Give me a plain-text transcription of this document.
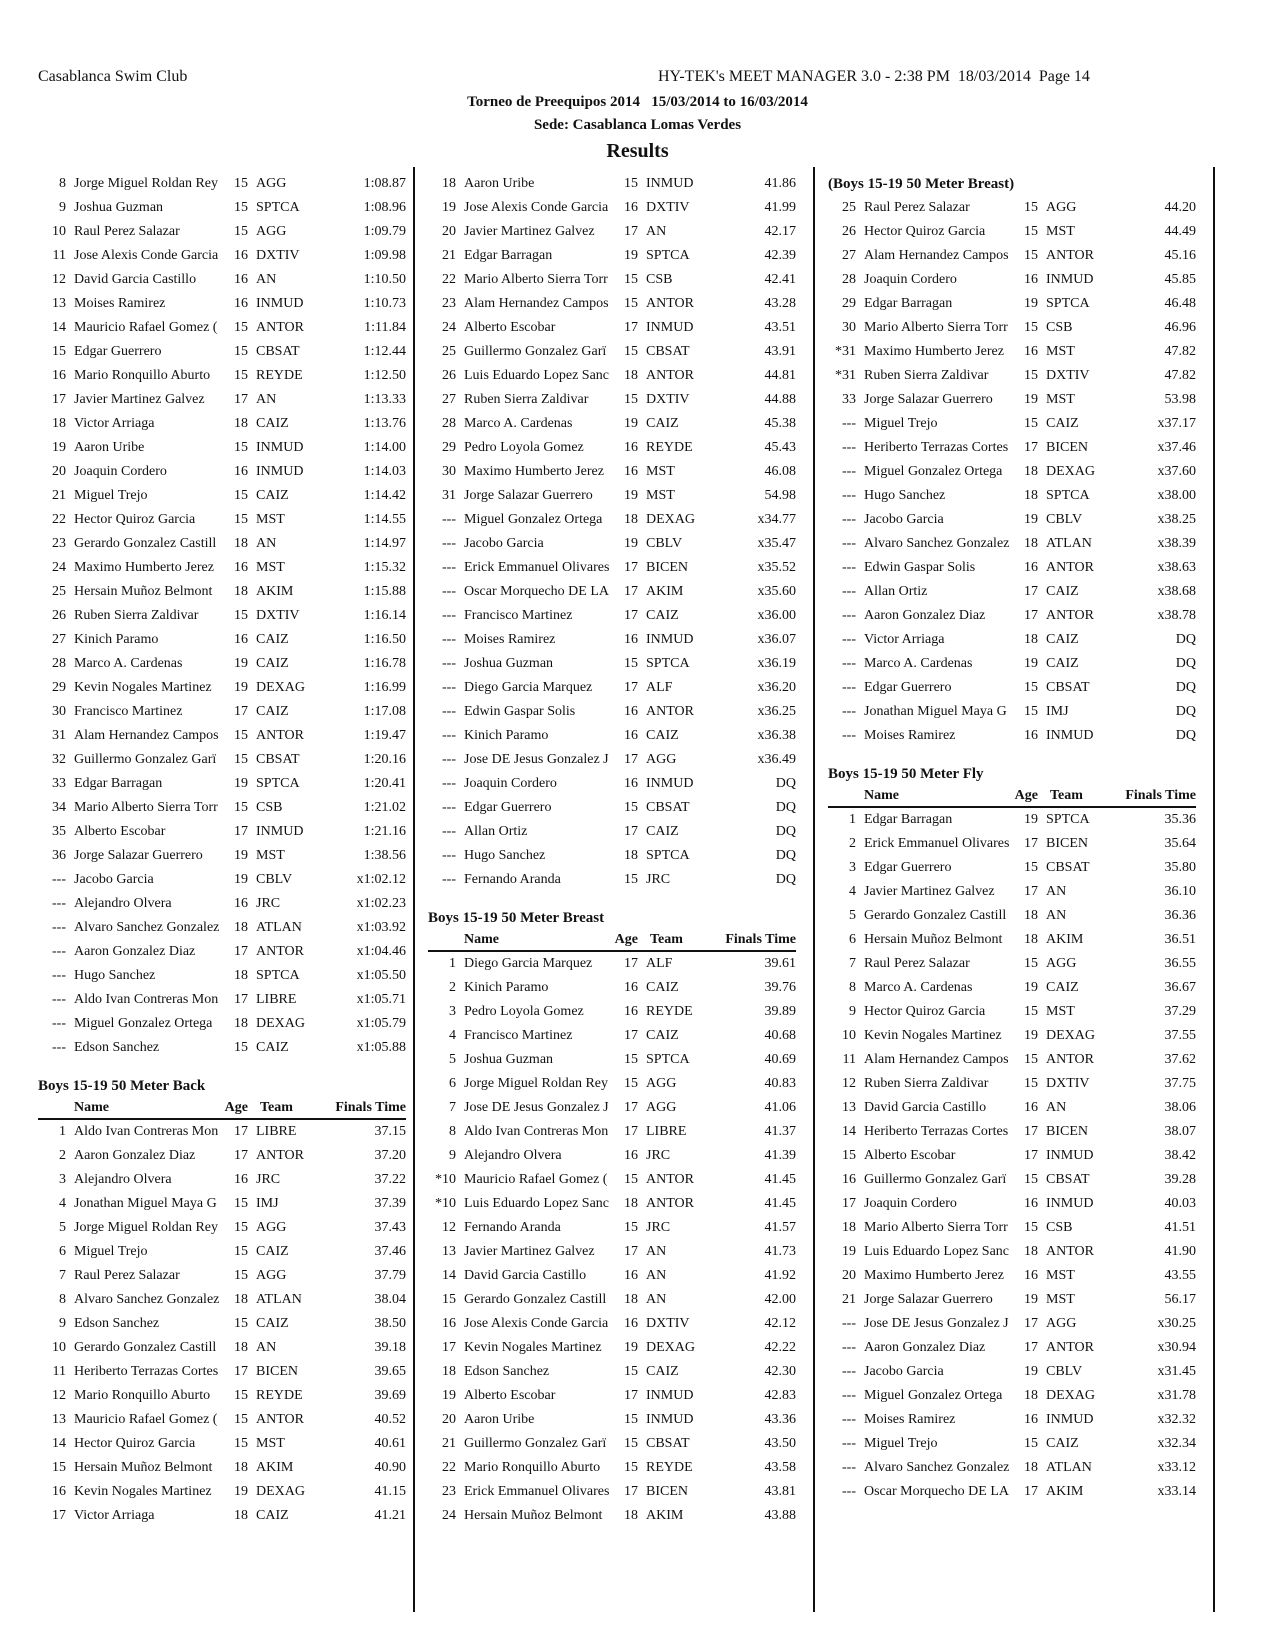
Casablanca Swim Club	HY-TEK's MEET MANAGER 3.0 - 2:38 PM  18/03/2014  Page 14
Torneo de Preequipos 2014   15/03/2014 to 16/03/2014
Sede: Casablanca Lomas Verdes
Results
8 Jorge Miguel Roldan Rey	15 AGG	1:08.87
9 Joshua Guzman	15 SPTCA	1:08.96
10 Raul Perez Salazar	15 AGG	1:09.79
11 Jose Alexis Conde Garcia	16 DXTIV	1:09.98
12 David Garcia Castillo	16 AN	1:10.50
13 Moises Ramirez	16 INMUD	1:10.73
14 Mauricio Rafael Gomez (	15 ANTOR	1:11.84
15 Edgar Guerrero	15 CBSAT	1:12.44
16 Mario Ronquillo Aburto	15 REYDE	1:12.50
17 Javier Martinez Galvez	17 AN	1:13.33
18 Victor Arriaga	18 CAIZ	1:13.76
19 Aaron Uribe	15 INMUD	1:14.00
20 Joaquin Cordero	16 INMUD	1:14.03
21 Miguel Trejo	15 CAIZ	1:14.42
22 Hector Quiroz Garcia	15 MST	1:14.55
23 Gerardo Gonzalez Castill	18 AN	1:14.97
24 Maximo Humberto Jerez	16 MST	1:15.32
25 Hersain Muñoz Belmont	18 AKIM	1:15.88
26 Ruben Sierra Zaldivar	15 DXTIV	1:16.14
27 Kinich Paramo	16 CAIZ	1:16.50
28 Marco A. Cardenas	19 CAIZ	1:16.78
29 Kevin Nogales Martinez	19 DEXAG	1:16.99
30 Francisco Martinez	17 CAIZ	1:17.08
31 Alam Hernandez Campos	15 ANTOR	1:19.47
32 Guillermo Gonzalez Garï	15 CBSAT	1:20.16
33 Edgar Barragan	19 SPTCA	1:20.41
34 Mario Alberto Sierra Torr	15 CSB	1:21.02
35 Alberto Escobar	17 INMUD	1:21.16
36 Jorge Salazar Guerrero	19 MST	1:38.56
--- Jacobo Garcia	19 CBLV	x1:02.12
--- Alejandro Olvera	16 JRC	x1:02.23
--- Alvaro Sanchez Gonzalez	18 ATLAN	x1:03.92
--- Aaron Gonzalez Diaz	17 ANTOR	x1:04.46
--- Hugo Sanchez	18 SPTCA	x1:05.50
--- Aldo Ivan Contreras Mon	17 LIBRE	x1:05.71
--- Miguel Gonzalez Ortega	18 DEXAG	x1:05.79
--- Edson Sanchez	15 CAIZ	x1:05.88
Boys 15-19 50 Meter Back
Name	Age Team	Finals Time
1 Aldo Ivan Contreras Mon	17 LIBRE	37.15
2 Aaron Gonzalez Diaz	17 ANTOR	37.20
3 Alejandro Olvera	16 JRC	37.22
4 Jonathan Miguel Maya G	15 IMJ	37.39
5 Jorge Miguel Roldan Rey	15 AGG	37.43
6 Miguel Trejo	15 CAIZ	37.46
7 Raul Perez Salazar	15 AGG	37.79
8 Alvaro Sanchez Gonzalez	18 ATLAN	38.04
9 Edson Sanchez	15 CAIZ	38.50
10 Gerardo Gonzalez Castill	18 AN	39.18
11 Heriberto Terrazas Cortes	17 BICEN	39.65
12 Mario Ronquillo Aburto	15 REYDE	39.69
13 Mauricio Rafael Gomez (	15 ANTOR	40.52
14 Hector Quiroz Garcia	15 MST	40.61
15 Hersain Muñoz Belmont	18 AKIM	40.90
16 Kevin Nogales Martinez	19 DEXAG	41.15
17 Victor Arriaga	18 CAIZ	41.21
18 Aaron Uribe	15 INMUD	41.86
19 Jose Alexis Conde Garcia	16 DXTIV	41.99
20 Javier Martinez Galvez	17 AN	42.17
21 Edgar Barragan	19 SPTCA	42.39
22 Mario Alberto Sierra Torr	15 CSB	42.41
23 Alam Hernandez Campos	15 ANTOR	43.28
24 Alberto Escobar	17 INMUD	43.51
25 Guillermo Gonzalez Garï	15 CBSAT	43.91
26 Luis Eduardo Lopez Sanc	18 ANTOR	44.81
27 Ruben Sierra Zaldivar	15 DXTIV	44.88
28 Marco A. Cardenas	19 CAIZ	45.38
29 Pedro Loyola Gomez	16 REYDE	45.43
30 Maximo Humberto Jerez	16 MST	46.08
31 Jorge Salazar Guerrero	19 MST	54.98
--- Miguel Gonzalez Ortega	18 DEXAG	x34.77
--- Jacobo Garcia	19 CBLV	x35.47
--- Erick Emmanuel Olivares	17 BICEN	x35.52
--- Oscar Morquecho DE LA	17 AKIM	x35.60
--- Francisco Martinez	17 CAIZ	x36.00
--- Moises Ramirez	16 INMUD	x36.07
--- Joshua Guzman	15 SPTCA	x36.19
--- Diego Garcia Marquez	17 ALF	x36.20
--- Edwin Gaspar Solis	16 ANTOR	x36.25
--- Kinich Paramo	16 CAIZ	x36.38
--- Jose DE Jesus Gonzalez J	17 AGG	x36.49
--- Joaquin Cordero	16 INMUD	DQ
--- Edgar Guerrero	15 CBSAT	DQ
--- Allan Ortiz	17 CAIZ	DQ
--- Hugo Sanchez	18 SPTCA	DQ
--- Fernando Aranda	15 JRC	DQ
Boys 15-19 50 Meter Breast
Name	Age Team	Finals Time
1 Diego Garcia Marquez	17 ALF	39.61
2 Kinich Paramo	16 CAIZ	39.76
3 Pedro Loyola Gomez	16 REYDE	39.89
4 Francisco Martinez	17 CAIZ	40.68
5 Joshua Guzman	15 SPTCA	40.69
6 Jorge Miguel Roldan Rey	15 AGG	40.83
7 Jose DE Jesus Gonzalez J	17 AGG	41.06
8 Aldo Ivan Contreras Mon	17 LIBRE	41.37
9 Alejandro Olvera	16 JRC	41.39
*10 Mauricio Rafael Gomez (	15 ANTOR	41.45
*10 Luis Eduardo Lopez Sanc	18 ANTOR	41.45
12 Fernando Aranda	15 JRC	41.57
13 Javier Martinez Galvez	17 AN	41.73
14 David Garcia Castillo	16 AN	41.92
15 Gerardo Gonzalez Castill	18 AN	42.00
16 Jose Alexis Conde Garcia	16 DXTIV	42.12
17 Kevin Nogales Martinez	19 DEXAG	42.22
18 Edson Sanchez	15 CAIZ	42.30
19 Alberto Escobar	17 INMUD	42.83
20 Aaron Uribe	15 INMUD	43.36
21 Guillermo Gonzalez Garï	15 CBSAT	43.50
22 Mario Ronquillo Aburto	15 REYDE	43.58
23 Erick Emmanuel Olivares	17 BICEN	43.81
24 Hersain Muñoz Belmont	18 AKIM	43.88
(Boys 15-19 50 Meter Breast)
25 Raul Perez Salazar	15 AGG	44.20
26 Hector Quiroz Garcia	15 MST	44.49
27 Alam Hernandez Campos	15 ANTOR	45.16
28 Joaquin Cordero	16 INMUD	45.85
29 Edgar Barragan	19 SPTCA	46.48
30 Mario Alberto Sierra Torr	15 CSB	46.96
*31 Maximo Humberto Jerez	16 MST	47.82
*31 Ruben Sierra Zaldivar	15 DXTIV	47.82
33 Jorge Salazar Guerrero	19 MST	53.98
--- Miguel Trejo	15 CAIZ	x37.17
--- Heriberto Terrazas Cortes	17 BICEN	x37.46
--- Miguel Gonzalez Ortega	18 DEXAG	x37.60
--- Hugo Sanchez	18 SPTCA	x38.00
--- Jacobo Garcia	19 CBLV	x38.25
--- Alvaro Sanchez Gonzalez	18 ATLAN	x38.39
--- Edwin Gaspar Solis	16 ANTOR	x38.63
--- Allan Ortiz	17 CAIZ	x38.68
--- Aaron Gonzalez Diaz	17 ANTOR	x38.78
--- Victor Arriaga	18 CAIZ	DQ
--- Marco A. Cardenas	19 CAIZ	DQ
--- Edgar Guerrero	15 CBSAT	DQ
--- Jonathan Miguel Maya G	15 IMJ	DQ
--- Moises Ramirez	16 INMUD	DQ
Boys 15-19 50 Meter Fly
Name	Age Team	Finals Time
1 Edgar Barragan	19 SPTCA	35.36
2 Erick Emmanuel Olivares	17 BICEN	35.64
3 Edgar Guerrero	15 CBSAT	35.80
4 Javier Martinez Galvez	17 AN	36.10
5 Gerardo Gonzalez Castill	18 AN	36.36
6 Hersain Muñoz Belmont	18 AKIM	36.51
7 Raul Perez Salazar	15 AGG	36.55
8 Marco A. Cardenas	19 CAIZ	36.67
9 Hector Quiroz Garcia	15 MST	37.29
10 Kevin Nogales Martinez	19 DEXAG	37.55
11 Alam Hernandez Campos	15 ANTOR	37.62
12 Ruben Sierra Zaldivar	15 DXTIV	37.75
13 David Garcia Castillo	16 AN	38.06
14 Heriberto Terrazas Cortes	17 BICEN	38.07
15 Alberto Escobar	17 INMUD	38.42
16 Guillermo Gonzalez Garï	15 CBSAT	39.28
17 Joaquin Cordero	16 INMUD	40.03
18 Mario Alberto Sierra Torr	15 CSB	41.51
19 Luis Eduardo Lopez Sanc	18 ANTOR	41.90
20 Maximo Humberto Jerez	16 MST	43.55
21 Jorge Salazar Guerrero	19 MST	56.17
--- Jose DE Jesus Gonzalez J	17 AGG	x30.25
--- Aaron Gonzalez Diaz	17 ANTOR	x30.94
--- Jacobo Garcia	19 CBLV	x31.45
--- Miguel Gonzalez Ortega	18 DEXAG	x31.78
--- Moises Ramirez	16 INMUD	x32.32
--- Miguel Trejo	15 CAIZ	x32.34
--- Alvaro Sanchez Gonzalez	18 ATLAN	x33.12
--- Oscar Morquecho DE LA	17 AKIM	x33.14
